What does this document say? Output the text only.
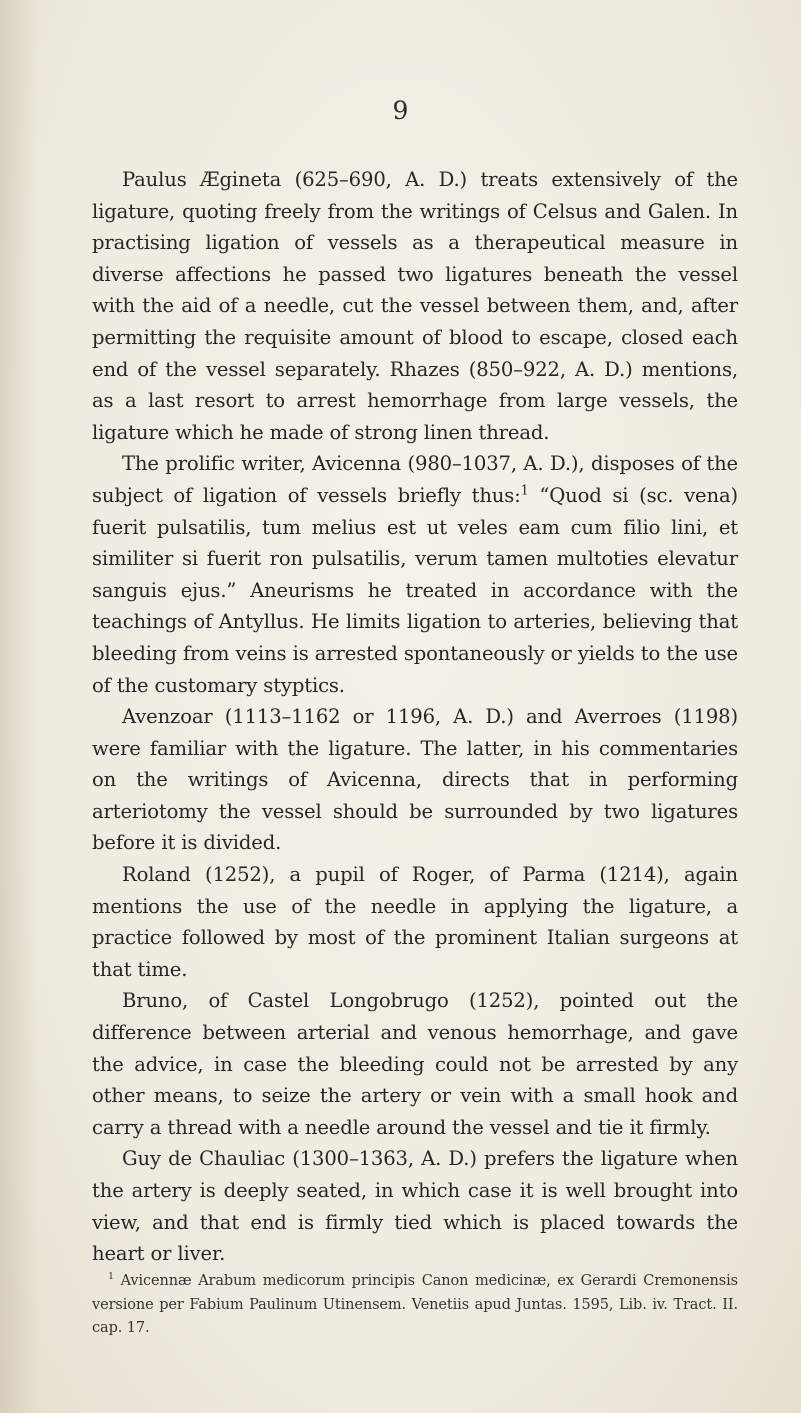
9

Paulus Ægineta (625–690, A. D.) treats extensively of the ligature, quoting freely from the writings of Celsus and Galen. In practising ligation of vessels as a therapeutical measure in diverse affections he passed two ligatures beneath the vessel with the aid of a needle, cut the vessel between them, and, after permitting the requisite amount of blood to escape, closed each end of the vessel separately. Rhazes (850–922, A. D.) mentions, as a last resort to arrest hemorrhage from large vessels, the ligature which he made of strong linen thread.

The prolific writer, Avicenna (980–1037, A. D.), disposes of the subject of ligation of vessels briefly thus:$^1$ “Quod si (sc. vena) fuerit pulsatilis, tum melius est ut veles eam cum filio lini, et similiter si fuerit ron pulsatilis, verum tamen multoties elevatur sanguis ejus.” Aneurisms he treated in accordance with the teachings of Antyllus. He limits ligation to arteries, believing that bleeding from veins is arrested spontaneously or yields to the use of the customary styptics.

Avenzoar (1113–1162 or 1196, A. D.) and Averroes (1198) were familiar with the ligature. The latter, in his commentaries on the writings of Avicenna, directs that in performing arteriotomy the vessel should be surrounded by two ligatures before it is divided.

Roland (1252), a pupil of Roger, of Parma (1214), again mentions the use of the needle in applying the ligature, a practice followed by most of the prominent Italian surgeons at that time.

Bruno, of Castel Longobrugo (1252), pointed out the difference between arterial and venous hemorrhage, and gave the advice, in case the bleeding could not be arrested by any other means, to seize the artery or vein with a small hook and carry a thread with a needle around the vessel and tie it firmly.

Guy de Chauliac (1300–1363, A. D.) prefers the ligature when the artery is deeply seated, in which case it is well brought into view, and that end is firmly tied which is placed towards the heart or liver.

$^1$ Avicennæ Arabum medicorum principis Canon medicinæ, ex Gerardi Cremonensis versione per Fabium Paulinum Utinensem. Venetiis apud Juntas. 1595, Lib. iv. Tract. II. cap. 17.
